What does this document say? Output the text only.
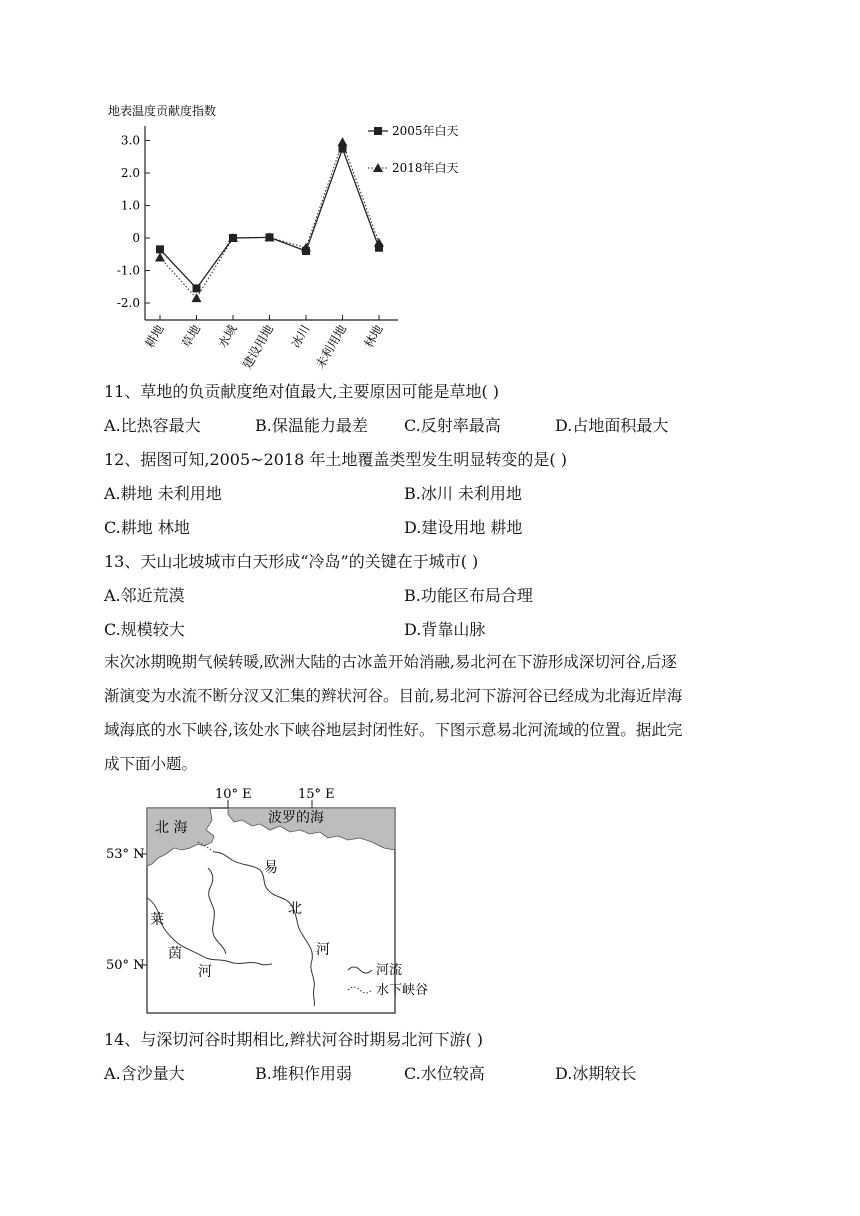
地表温度贡献度指数
3.0
2.0
1.0
0
-1.0
-2.0
耕地 草地 水域 建设用地 冰川 未利用地 林地
2005年白天
2018年白天
11、草地的负贡献度绝对值最大,主要原因可能是草地( )
A.比热容最大	B.保温能力最差 C.反射率最高	D.占地面积最大
12、据图可知,2005~2018 年土地覆盖类型发生明显转变的是( )
A.耕地 未利用地	B.冰川 未利用地
C.耕地 林地	D.建设用地 耕地
13、天山北坡城市白天形成“冷岛”的关键在于城市( )
A.邻近荒漠	B.功能区布局合理
C.规模较大	D.背靠山脉
末次冰期晚期气候转暖,欧洲大陆的古冰盖开始消融,易北河在下游形成深切河谷,后逐
渐演变为水流不断分汊又汇集的辫状河谷。目前,易北河下游河谷已经成为北海近岸海
域海底的水下峡谷,该处水下峡谷地层封闭性好。下图示意易北河流域的位置。据此完
成下面小题。
10° E	15° E
53° N
50° N
北 海
波罗的海
易
北
河
莱
茵
河	河流
水下峡谷
14、与深切河谷时期相比,辫状河谷时期易北河下游( )
A.含沙量大	B.堆积作用弱	C.水位较高	D.冰期较长
